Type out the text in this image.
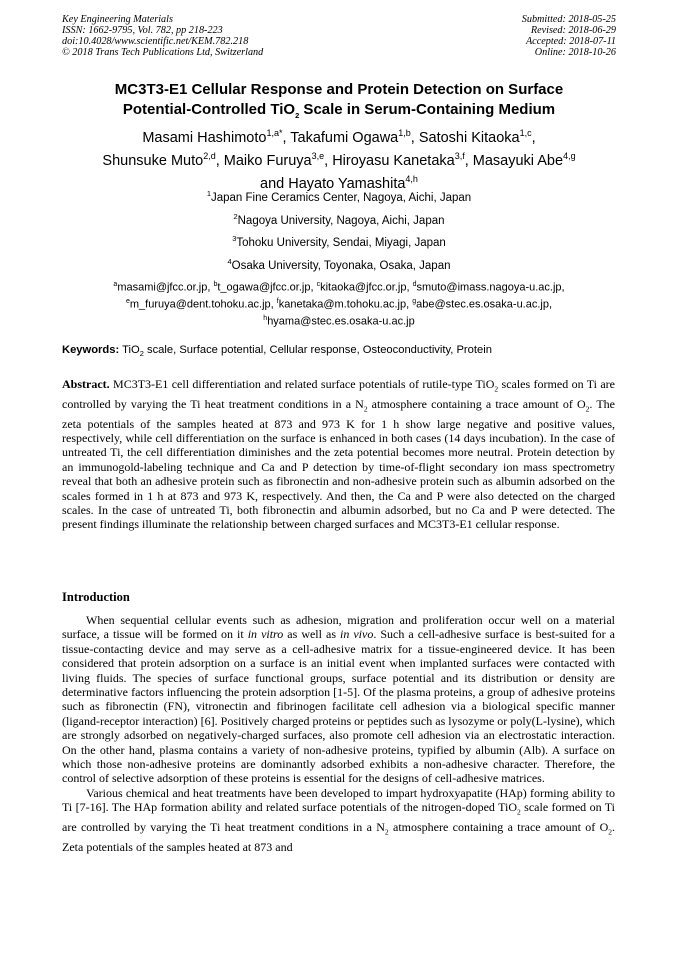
Key Engineering Materials
ISSN: 1662-9795, Vol. 782, pp 218-223
doi:10.4028/www.scientific.net/KEM.782.218
© 2018 Trans Tech Publications Ltd, Switzerland
Submitted: 2018-05-25
Revised: 2018-06-29
Accepted: 2018-07-11
Online: 2018-10-26
MC3T3-E1 Cellular Response and Protein Detection on Surface
Potential-Controlled TiO$_2$ Scale in Serum-Containing Medium
Masami Hashimoto$^{1,a*}$, Takafumi Ogawa$^{1,b}$, Satoshi Kitaoka$^{1,c}$,
Shunsuke Muto$^{2,d}$, Maiko Furuya$^{3,e}$, Hiroyasu Kanetaka$^{3,f}$, Masayuki Abe$^{4,g}$
and Hayato Yamashita$^{4,h}$
$^1$Japan Fine Ceramics Center, Nagoya, Aichi, Japan
$^2$Nagoya University, Nagoya, Aichi, Japan
$^3$Tohoku University, Sendai, Miyagi, Japan
$^4$Osaka University, Toyonaka, Osaka, Japan
$^a$masami@jfcc.or.jp, $^b$t_ogawa@jfcc.or.jp, $^c$kitaoka@jfcc.or.jp, $^d$smuto@imass.nagoya-u.ac.jp,
$^e$m_furuya@dent.tohoku.ac.jp, $^f$kanetaka@m.tohoku.ac.jp, $^g$abe@stec.es.osaka-u.ac.jp,
$^h$hyama@stec.es.osaka-u.ac.jp
Keywords: TiO$_2$ scale, Surface potential, Cellular response, Osteoconductivity, Protein
Abstract. MC3T3-E1 cell differentiation and related surface potentials of rutile-type TiO$_2$ scales formed on Ti are controlled by varying the Ti heat treatment conditions in a $N_2$ atmosphere containing a trace amount of $O_2$. The zeta potentials of the samples heated at 873 and 973 K for 1 h show large negative and positive values, respectively, while cell differentiation on the surface is enhanced in both cases (14 days incubation). In the case of untreated Ti, the cell differentiation diminishes and the zeta potential becomes more neutral. Protein detection by an immunogold-labeling technique and Ca and P detection by time-of-flight secondary ion mass spectrometry reveal that both an adhesive protein such as fibronectin and non-adhesive protein such as albumin adsorbed on the scales formed in 1 h at 873 and 973 K, respectively. And then, the Ca and P were also detected on the charged scales. In the case of untreated Ti, both fibronectin and albumin adsorbed, but no Ca and P were detected. The present findings illuminate the relationship between charged surfaces and MC3T3-E1 cellular response.
Introduction

When sequential cellular events such as adhesion, migration and proliferation occur well on a material surface, a tissue will be formed on it in vitro as well as in vivo. Such a cell-adhesive surface is best-suited for a tissue-contacting device and may serve as a cell-adhesive matrix for a tissue-engineered device. It has been considered that protein adsorption on a surface is an initial event when implanted surfaces were contacted with living fluids. The species of surface functional groups, surface potential and its distribution or density are determinative factors influencing the protein adsorption [1-5]. Of the plasma proteins, a group of adhesive proteins such as fibronectin (FN), vitronectin and fibrinogen facilitate cell adhesion via a biological specific manner (ligand-receptor interaction) [6]. Positively charged proteins or peptides such as lysozyme or poly(L-lysine), which are strongly adsorbed on negatively-charged surfaces, also promote cell adhesion via an electrostatic interaction. On the other hand, plasma contains a variety of non-adhesive proteins, typified by albumin (Alb). A surface on which those non-adhesive proteins are dominantly adsorbed exhibits a non-adhesive character. Therefore, the control of selective adsorption of these proteins is essential for the designs of cell-adhesive matrices.

Various chemical and heat treatments have been developed to impart hydroxyapatite (HAp) forming ability to Ti [7-16]. The HAp formation ability and related surface potentials of the nitrogen-doped TiO$_2$ scale formed on Ti are controlled by varying the Ti heat treatment conditions in a $N_2$ atmosphere containing a trace amount of $O_2$. Zeta potentials of the samples heated at 873 and
